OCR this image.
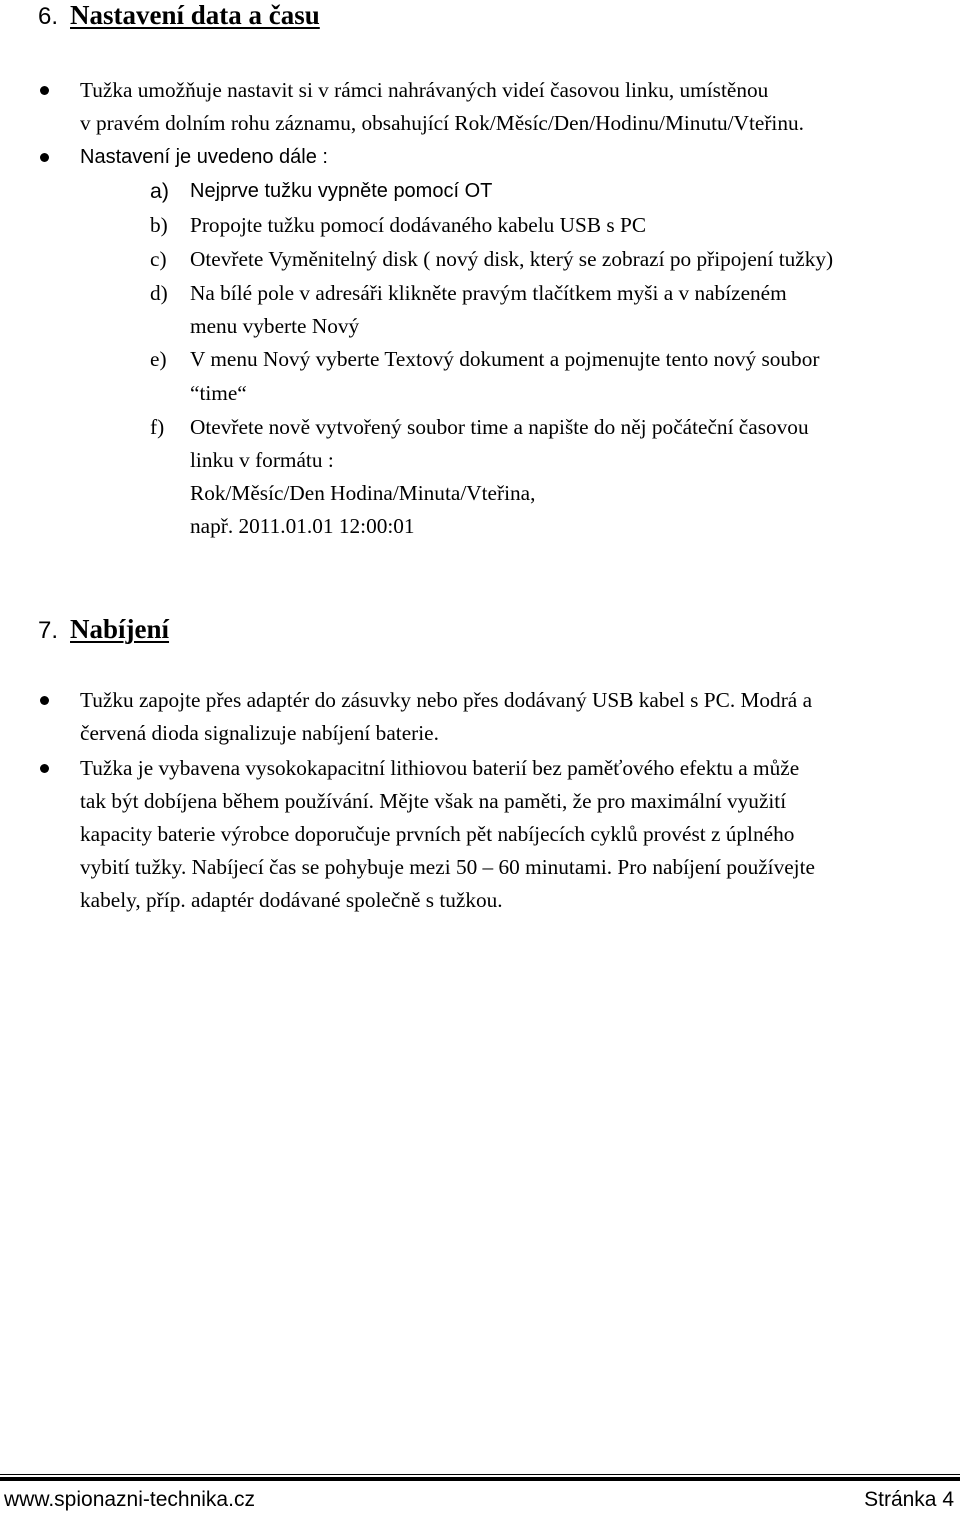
6. Nastavení data a času
Tužka umožňuje nastavit si v rámci nahrávaných videí časovou linku, umístěnou
v pravém dolním rohu záznamu, obsahující Rok/Měsíc/Den/Hodinu/Minutu/Vteřinu.
Nastavení je uvedeno dále :
a) Nejprve tužku vypněte pomocí OT
b) Propojte tužku pomocí dodávaného kabelu USB s PC
c) Otevřete Vyměnitelný disk ( nový disk, který se zobrazí po připojení tužky)
d) Na bílé pole v adresáři klikněte pravým tlačítkem myši a v nabízeném
menu vyberte Nový
e) V menu Nový vyberte Textový dokument a pojmenujte tento nový soubor
“time“
f) Otevřete nově vytvořený soubor time a napište do něj počáteční časovou
linku v formátu :
Rok/Měsíc/Den Hodina/Minuta/Vteřina,
např. 2011.01.01 12:00:01
7. Nabíjení
Tužku zapojte přes adaptér do zásuvky nebo přes dodávaný USB kabel s PC. Modrá a
červená dioda signalizuje nabíjení baterie.
Tužka je vybavena vysokokapacitní lithiovou baterií bez paměťového efektu a může
tak být dobíjena během používání. Mějte však na paměti, že pro maximální využití
kapacity baterie výrobce doporučuje prvních pět nabíjecích cyklů provést z úplného
vybití tužky. Nabíjecí čas se pohybuje mezi 50 – 60 minutami. Pro nabíjení používejte
kabely, příp. adaptér dodávané společně s tužkou.
www.spionazni-technika.cz	Stránka 4
